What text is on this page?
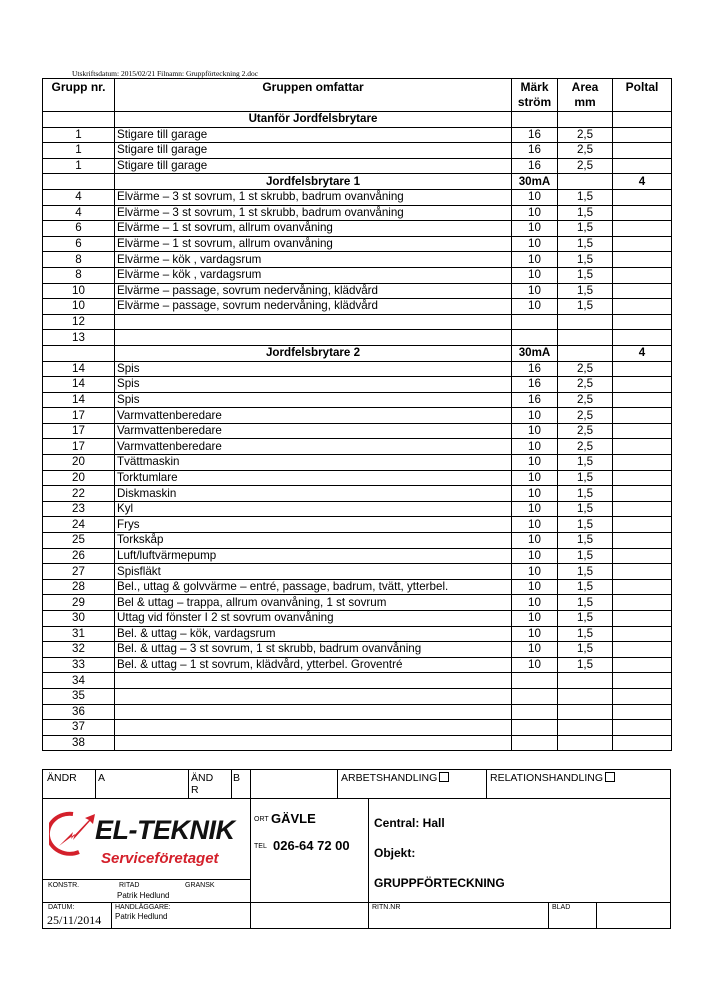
Utskriftsdatum: 2015/02/21 Filnamn: Gruppförteckning 2.doc
Grupp nr.	Gruppen omfattar	Märk ström	Area mm	Poltal
	Utanför Jordfelsbrytare			
1	Stigare till garage	16	2,5	
1	Stigare till garage	16	2,5	
1	Stigare till garage	16	2,5	
	Jordfelsbrytare 1	30mA		4
4	Elvärme – 3 st sovrum, 1 st skrubb, badrum ovanvåning	10	1,5	
4	Elvärme – 3 st sovrum, 1 st skrubb, badrum ovanvåning	10	1,5	
6	Elvärme – 1 st sovrum, allrum ovanvåning	10	1,5	
6	Elvärme – 1 st sovrum, allrum ovanvåning	10	1,5	
8	Elvärme – kök , vardagsrum	10	1,5	
8	Elvärme – kök , vardagsrum	10	1,5	
10	Elvärme – passage, sovrum nedervåning, klädvård	10	1,5	
10	Elvärme – passage, sovrum nedervåning, klädvård	10	1,5	
12				
13				
	Jordfelsbrytare 2	30mA		4
14	Spis	16	2,5	
14	Spis	16	2,5	
14	Spis	16	2,5	
17	Varmvattenberedare	10	2,5	
17	Varmvattenberedare	10	2,5	
17	Varmvattenberedare	10	2,5	
20	Tvättmaskin	10	1,5	
20	Torktumlare	10	1,5	
22	Diskmaskin	10	1,5	
23	Kyl	10	1,5	
24	Frys	10	1,5	
25	Torkskåp	10	1,5	
26	Luft/luftvärmepump	10	1,5	
27	Spisfläkt	10	1,5	
28	Bel., uttag & golvvärme – entré, passage, badrum, tvätt, ytterbel.	10	1,5	
29	Bel & uttag – trappa, allrum ovanvåning, 1 st sovrum	10	1,5	
30	Uttag vid fönster I 2 st sovrum ovanvåning	10	1,5	
31	Bel. & uttag – kök, vardagsrum	10	1,5	
32	Bel. & uttag – 3 st sovrum, 1 st skrubb, badrum ovanvåning	10	1,5	
33	Bel. & uttag – 1 st sovrum, klädvård, ytterbel. Groventré	10	1,5	
34				
35				
36				
37				
38				
ÄNDR A	ÄND R
B	ARBETSHANDLING	RELATIONSHANDLING
EL-TEKNIK
Serviceföretaget
ORT GÄVLE
TEL 026-64 72 00
Central: Hall
Objekt:
GRUPPFÖRTECKNING
KONSTR.	RITAD	GRANSK
Patrik Hedlund
DATUM:
25/11/2014
HANDLÄGGARE:
Patrik Hedlund
RITN.NR	BLAD
